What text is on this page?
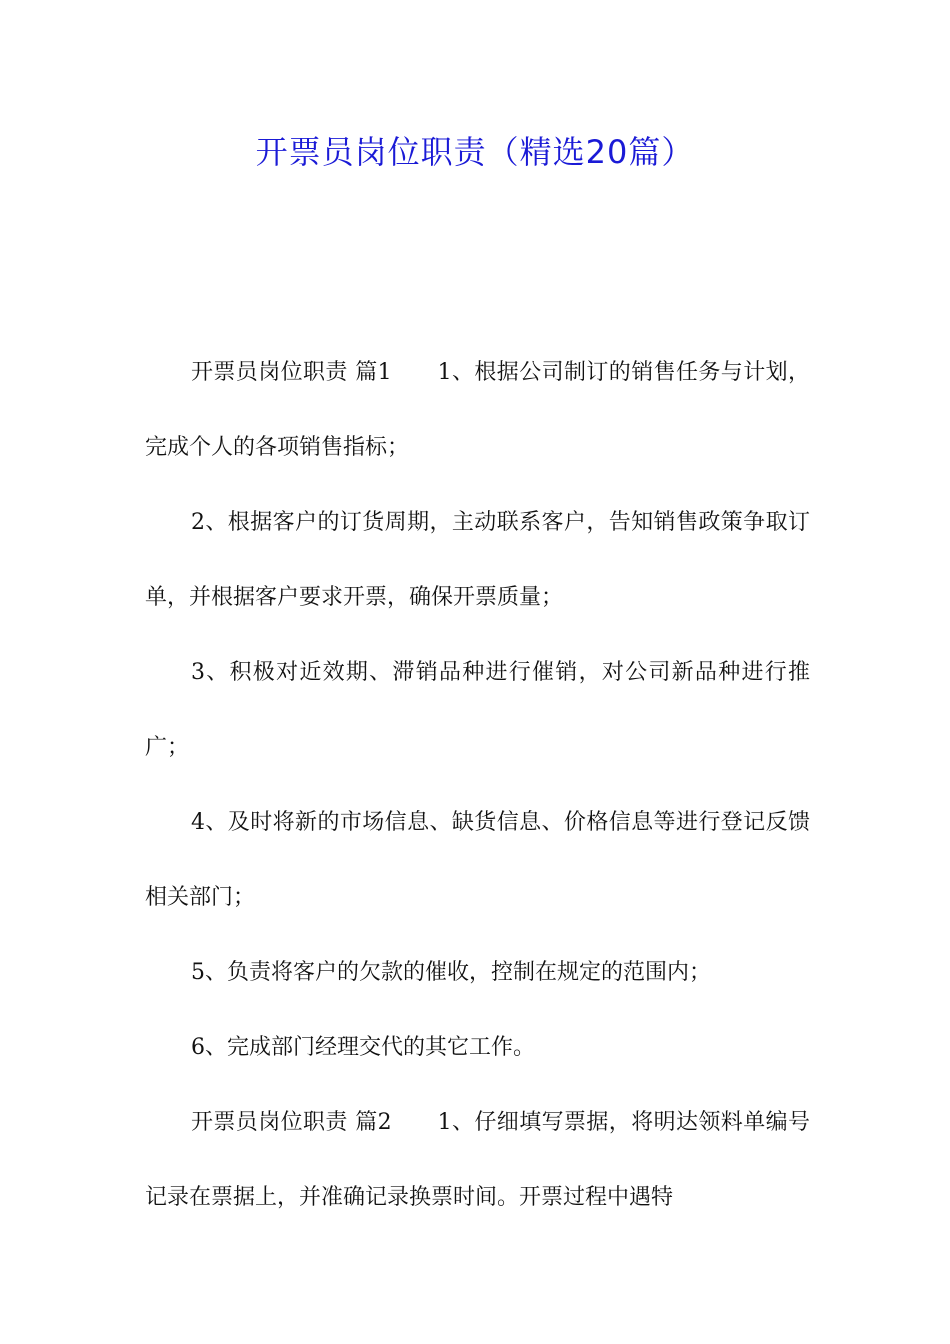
开票员岗位职责（精选20篇）

开票员岗位职责 篇1 1、根据公司制订的销售任务与计划，完成个人的各项销售指标；

2、根据客户的订货周期，主动联系客户，告知销售政策争取订单，并根据客户要求开票，确保开票质量；

3、积极对近效期、滞销品种进行催销，对公司新品种进行推广；

4、及时将新的市场信息、缺货信息、价格信息等进行登记反馈相关部门；

5、负责将客户的欠款的催收，控制在规定的范围内；

6、完成部门经理交代的其它工作。

开票员岗位职责 篇2 1、仔细填写票据，将明达领料单编号记录在票据上，并准确记录换票时间。开票过程中遇特
